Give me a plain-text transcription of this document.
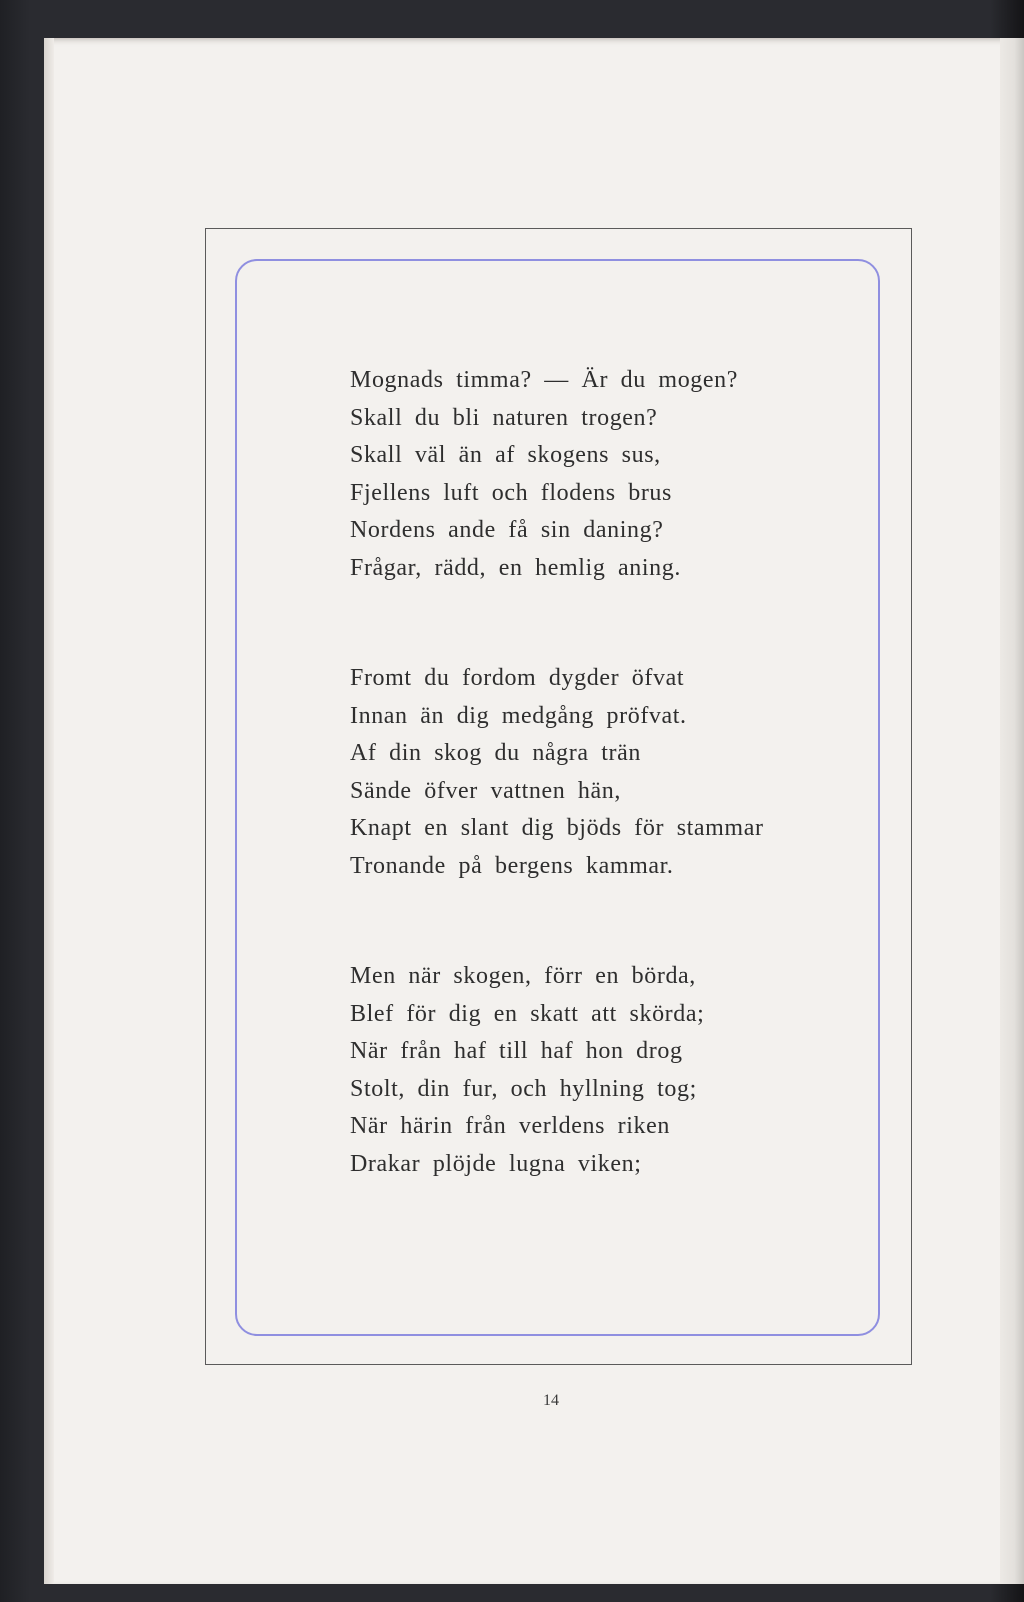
Mognads timma? — Är du mogen?
Skall du bli naturen trogen?
Skall väl än af skogens sus,
Fjellens luft och flodens brus
Nordens ande få sin daning?
Frågar, rädd, en hemlig aning.
Fromt du fordom dygder öfvat
Innan än dig medgång pröfvat.
Af din skog du några trän
Sände öfver vattnen hän,
Knapt en slant dig bjöds för stammar
Tronande på bergens kammar.
Men när skogen, förr en börda,
Blef för dig en skatt att skörda;
När från haf till haf hon drog
Stolt, din fur, och hyllning tog;
När härin från verldens riken
Drakar plöjde lugna viken;
14
